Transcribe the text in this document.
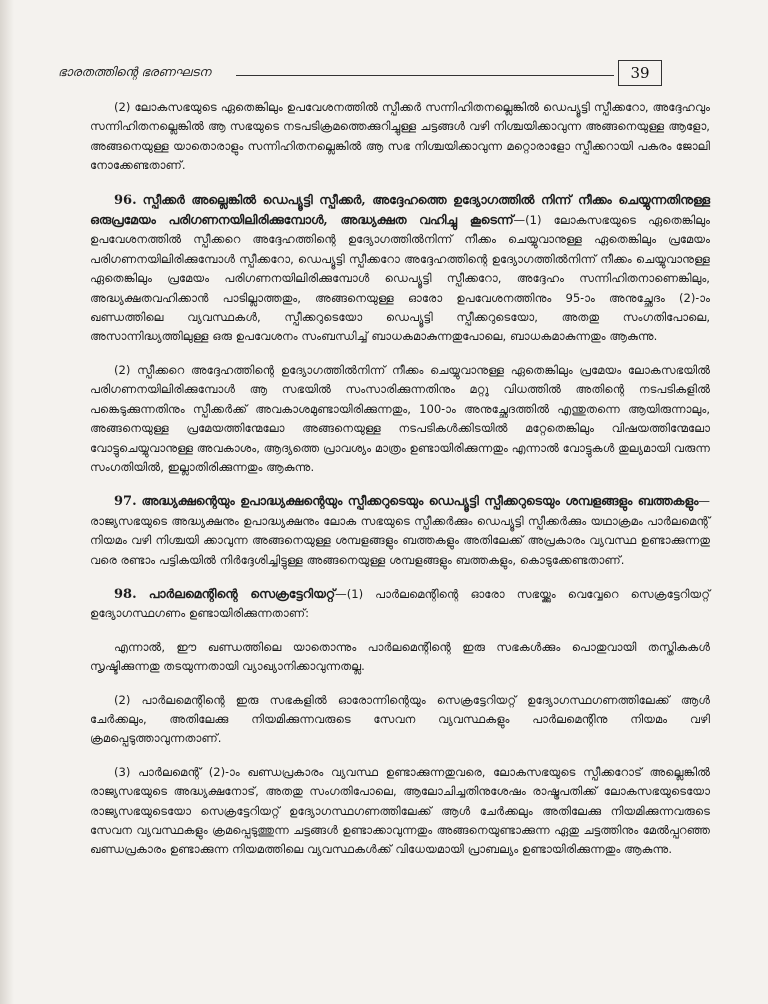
ഭാരതത്തിന്റെ ഭരണഘടന	39

(2) ലോകസഭയുടെ ഏതെങ്കിലും ഉപവേശനത്തിൽ സ്പീക്കർ സന്നിഹിതനല്ലെങ്കിൽ ഡെപ്യൂട്ടി സ്പീക്കറോ, അദ്ദേഹവും സന്നിഹിതനല്ലെങ്കിൽ ആ സഭയുടെ നടപടിക്രമത്തെക്കുറിച്ചുള്ള ചട്ടങ്ങൾ വഴി നിശ്ചയിക്കാവുന്ന അങ്ങനെയുള്ള ആളോ, അങ്ങനെയുള്ള യാതൊരാളും സന്നിഹിതനല്ലെങ്കിൽ ആ സഭ നിശ്ചയിക്കാവുന്ന മറ്റൊരാളോ സ്പീക്കറായി പകരം ജോലി നോക്കേണ്ടതാണ്.

96. സ്പീക്കർ അല്ലെങ്കിൽ ഡെപ്യൂട്ടി സ്പീക്കർ, അദ്ദേഹത്തെ ഉദ്യോഗത്തിൽ നിന്ന് നീക്കം ചെയ്യുന്നതിനുള്ള ഒരുപ്രമേയം പരിഗണനയിലിരിക്കുമ്പോൾ, അദ്ധ്യക്ഷത വഹിച്ചു കൂടെന്ന്—(1) ലോകസഭയുടെ ഏതെങ്കിലും ഉപവേശനത്തിൽ സ്പീക്കറെ അദ്ദേഹത്തിന്റെ ഉദ്യോഗത്തിൽനിന്ന് നീക്കം ചെയ്യുവാനുള്ള ഏതെങ്കിലും പ്രമേയം പരിഗണനയിലിരിക്കുമ്പോൾ സ്പീക്കറോ, ഡെപ്യൂട്ടി സ്പീക്കറോ അദ്ദേഹത്തിന്റെ ഉദ്യോഗത്തിൽനിന്ന് നീക്കം ചെയ്യുവാനുള്ള ഏതെങ്കിലും പ്രമേയം പരിഗണനയിലിരിക്കുമ്പോൾ ഡെപ്യൂട്ടി സ്പീക്കറോ, അദ്ദേഹം സന്നിഹിതനാണെങ്കിലും, അദ്ധ്യക്ഷതവഹിക്കാൻ പാടില്ലാത്തതും, അങ്ങനെയുള്ള ഓരോ ഉപവേശനത്തിനും 95-ാം അനുച്ഛേദം (2)-ാം ഖണ്ഡത്തിലെ വ്യവസ്ഥകൾ, സ്പീക്കറുടെയോ ഡെപ്യൂട്ടി സ്പീക്കറുടെയോ, അതതു സംഗതിപോലെ, അസാന്നിദ്ധ്യത്തിലുള്ള ഒരു ഉപവേശനം സംബന്ധിച്ച് ബാധകമാകുന്നതുപോലെ, ബാധകമാകുന്നതും ആകുന്നു.

(2) സ്പീക്കറെ അദ്ദേഹത്തിന്റെ ഉദ്യോഗത്തിൽനിന്ന് നീക്കം ചെയ്യുവാനുള്ള ഏതെങ്കിലും പ്രമേയം ലോകസഭയിൽ പരിഗണനയിലിരിക്കുമ്പോൾ ആ സഭയിൽ സംസാരിക്കുന്നതിനും മറ്റു വിധത്തിൽ അതിന്റെ നടപടികളിൽ പങ്കെടുക്കുന്നതിനും സ്പീക്കർക്ക് അവകാശമുണ്ടായിരിക്കുന്നതും, 100-ാം അനുച്ഛേദത്തിൽ എന്തുതന്നെ ആയിരുന്നാലും, അങ്ങനെയുള്ള പ്രമേയത്തിന്മേലോ അങ്ങനെയുള്ള നടപടികൾക്കിടയിൽ മറ്റേതെങ്കിലും വിഷയത്തിന്മേലോ വോട്ടുചെയ്യുവാനുള്ള അവകാശം, ആദ്യത്തെ പ്രാവശ്യം മാത്രം ഉണ്ടായിരിക്കുന്നതും എന്നാൽ വോട്ടുകൾ തുല്യമായി വരുന്ന സംഗതിയിൽ, ഇല്ലാതിരിക്കുന്നതും ആകുന്നു.

97. അദ്ധ്യക്ഷന്റെയും ഉപാദ്ധ്യക്ഷന്റെയും സ്പീക്കറുടെയും ഡെപ്യൂട്ടി സ്പീക്കറുടെയും ശമ്പളങ്ങളും ബത്തകളും—രാജ്യസഭയുടെ അദ്ധ്യക്ഷനും ഉപാദ്ധ്യക്ഷനും ലോക സഭയുടെ സ്പീക്കർക്കും ഡെപ്യൂട്ടി സ്പീക്കർക്കും യഥാക്രമം പാർലമെന്റ് നിയമം വഴി നിശ്ചയി ക്കാവുന്ന അങ്ങനെയുള്ള ശമ്പളങ്ങളും ബത്തകളും അതിലേക്ക് അപ്രകാരം വ്യവസ്ഥ ഉണ്ടാക്കുന്നതു വരെ രണ്ടാം പട്ടികയിൽ നിർദ്ദേശിച്ചിട്ടുള്ള അങ്ങനെയുള്ള ശമ്പളങ്ങളും ബത്തകളും, കൊടുക്കേണ്ടതാണ്.

98. പാർലമെന്റിന്റെ സെക്രട്ടേറിയറ്റ്—(1) പാർലമെന്റിന്റെ ഓരോ സഭയ്ക്കും വെവ്വേറെ സെക്രട്ടേറിയറ്റ് ഉദ്യോഗസ്ഥഗണം ഉണ്ടായിരിക്കുന്നതാണ്:

എന്നാൽ, ഈ ഖണ്ഡത്തിലെ യാതൊന്നും പാർലമെന്റിന്റെ ഇരു സഭകൾക്കും പൊതുവായി തസ്തികകൾ സൃഷ്ടിക്കുന്നതു തടയുന്നതായി വ്യാഖ്യാനിക്കാവുന്നതല്ല.

(2) പാർലമെന്റിന്റെ ഇരു സഭകളിൽ ഓരോന്നിന്റെയും സെക്രട്ടേറിയറ്റ് ഉദ്യോഗസ്ഥഗണത്തിലേക്ക് ആൾ ചേർക്കലും, അതിലേക്കു നിയമിക്കുന്നവരുടെ സേവന വ്യവസ്ഥകളും പാർലമെന്റിനു നിയമം വഴി ക്രമപ്പെടുത്താവുന്നതാണ്.

(3) പാർലമെന്റ് (2)-ാം ഖണ്ഡപ്രകാരം വ്യവസ്ഥ ഉണ്ടാക്കുന്നതുവരെ, ലോകസഭയുടെ സ്പീക്കറോട് അല്ലെങ്കിൽ രാജ്യസഭയുടെ അദ്ധ്യക്ഷനോട്, അതതു സംഗതിപോലെ, ആലോചിച്ചതിനുശേഷം രാഷ്ട്രപതിക്ക് ലോകസഭയുടെയോ രാജ്യസഭയുടെയോ സെക്രട്ടേറിയറ്റ് ഉദ്യോഗസ്ഥഗണത്തിലേക്ക് ആൾ ചേർക്കലും അതിലേക്കു നിയമിക്കുന്നവരുടെ സേവന വ്യവസ്ഥകളും ക്രമപ്പെടുത്തുന്ന ചട്ടങ്ങൾ ഉണ്ടാക്കാവുന്നതും അങ്ങനെയുണ്ടാക്കുന്ന ഏതു ചട്ടത്തിനും മേൽപ്പറഞ്ഞ ഖണ്ഡപ്രകാരം ഉണ്ടാക്കുന്ന നിയമത്തിലെ വ്യവസ്ഥകൾക്ക് വിധേയമായി പ്രാബല്യം ഉണ്ടായിരിക്കുന്നതും ആകുന്നു.
